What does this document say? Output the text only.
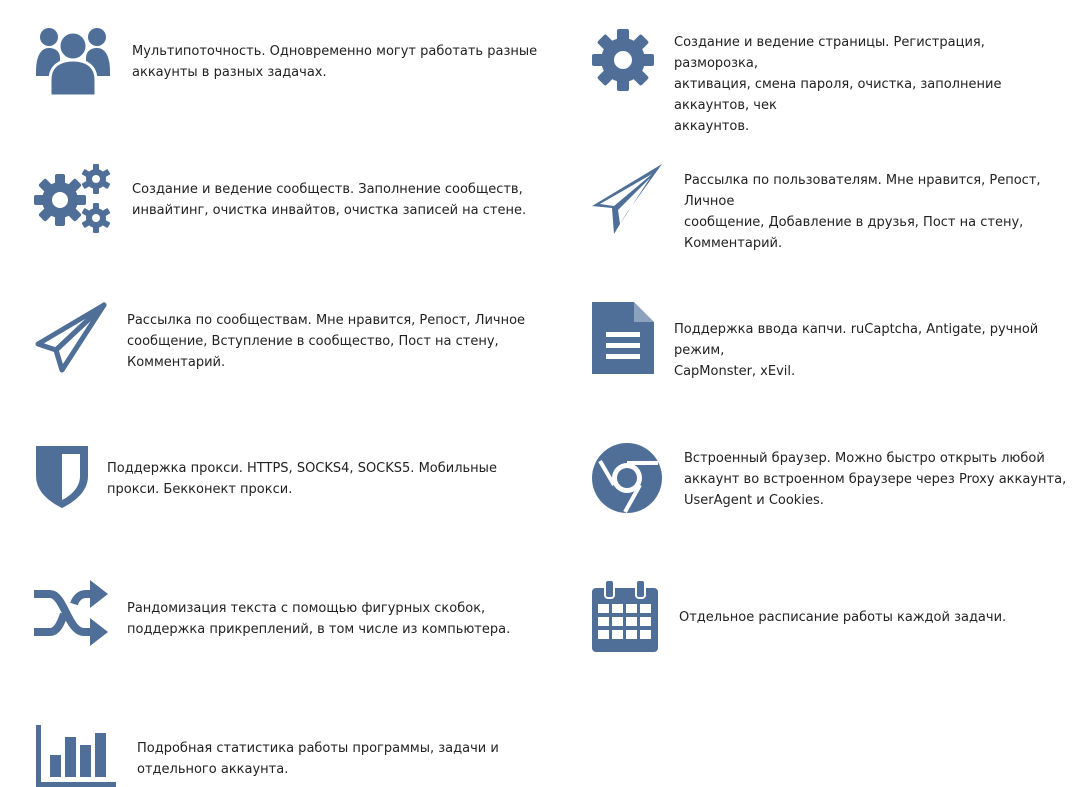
Мультипоточность. Одновременно могут работать разные
аккаунты в разных задачах.
Создание и ведение страницы. Регистрация, разморозка,
активация, смена пароля, очистка, заполнение аккаунтов, чек
аккаунтов.
Создание и ведение сообществ. Заполнение сообществ,
инвайтинг, очистка инвайтов, очистка записей на стене.
Рассылка по пользователям. Мне нравится, Репост, Личное
сообщение, Добавление в друзья, Пост на стену,
Комментарий.
Рассылка по сообществам. Мне нравится, Репост, Личное
сообщение, Вступление в сообщество, Пост на стену,
Комментарий.
Поддержка ввода капчи. ruCaptcha, Antigate, ручной режим,
CapMonster, xEvil.
Поддержка прокси. HTTPS, SOCKS4, SOCKS5. Мобильные
прокси. Бекконект прокси.
Встроенный браузер. Можно быстро открыть любой
аккаунт во встроенном браузере через Proxy аккаунта,
UserAgent и Cookies.
Рандомизация текста с помощью фигурных скобок,
поддержка прикреплений, в том числе из компьютера.
Отдельное расписание работы каждой задачи.
Подробная статистика работы программы, задачи и
отдельного аккаунта.
